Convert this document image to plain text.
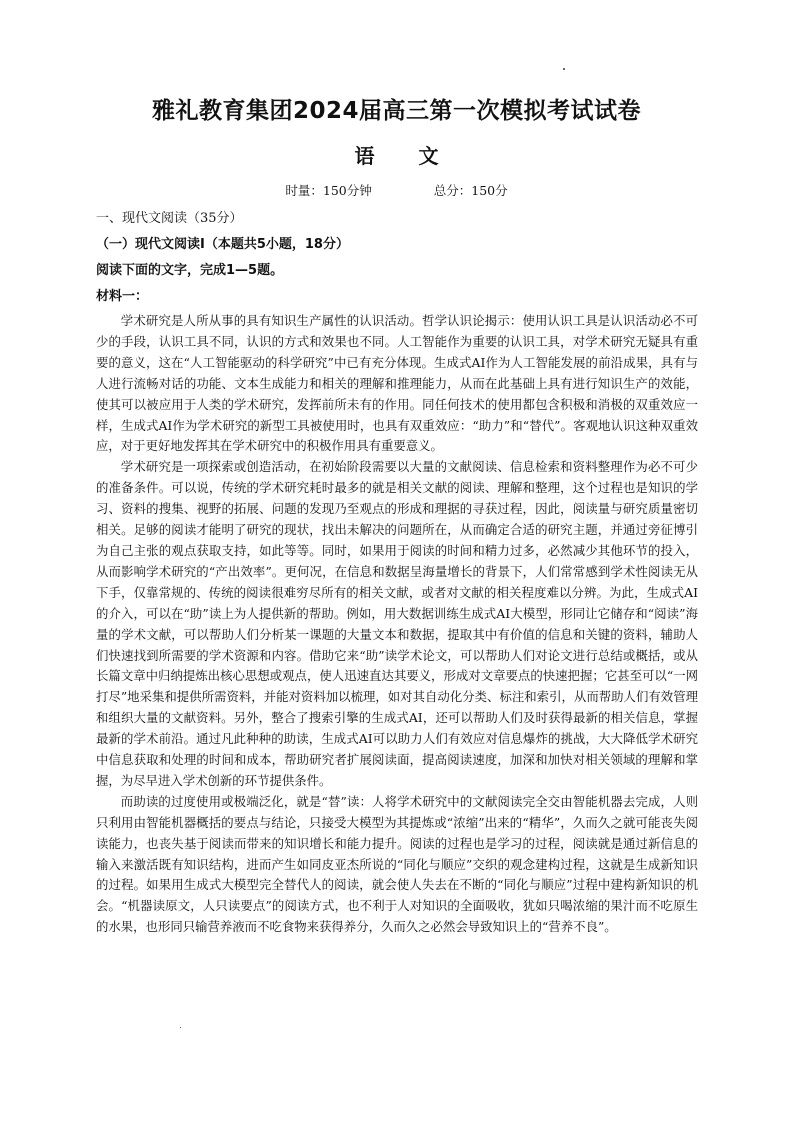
雅礼教育集团2024届高三第一次模拟考试试卷
语文
时量：150分钟	总分：150分
一、现代文阅读（35分）
（一）现代文阅读Ⅰ（本题共5小题，18分）
阅读下面的文字，完成1—5题。
材料一：

学术研究是人所从事的具有知识生产属性的认识活动。哲学认识论揭示：使用认识工具是认识活动必不可少的手段，认识工具不同，认识的方式和效果也不同。人工智能作为重要的认识工具，对学术研究无疑具有重要的意义，这在“人工智能驱动的科学研究”中已有充分体现。生成式AI作为人工智能发展的前沿成果，具有与人进行流畅对话的功能、文本生成能力和相关的理解和推理能力，从而在此基础上具有进行知识生产的效能，使其可以被应用于人类的学术研究，发挥前所未有的作用。同任何技术的使用都包含积极和消极的双重效应一样，生成式AI作为学术研究的新型工具被使用时，也具有双重效应：“助力”和“替代”。客观地认识这种双重效应，对于更好地发挥其在学术研究中的积极作用具有重要意义。

学术研究是一项探索或创造活动，在初始阶段需要以大量的文献阅读、信息检索和资料整理作为必不可少的准备条件。可以说，传统的学术研究耗时最多的就是相关文献的阅读、理解和整理，这个过程也是知识的学习、资料的搜集、视野的拓展、问题的发现乃至观点的形成和理据的寻获过程，因此，阅读量与研究质量密切相关。足够的阅读才能明了研究的现状，找出未解决的问题所在，从而确定合适的研究主题，并通过旁征博引为自己主张的观点获取支持，如此等等。同时，如果用于阅读的时间和精力过多，必然减少其他环节的投入，从而影响学术研究的“产出效率”。更何况，在信息和数据呈海量增长的背景下，人们常常感到学术性阅读无从下手，仅靠常规的、传统的阅读很难穷尽所有的相关文献，或者对文献的相关程度难以分辨。为此，生成式AI的介入，可以在“助”读上为人提供新的帮助。例如，用大数据训练生成式AI大模型，形同让它储存和“阅读”海量的学术文献，可以帮助人们分析某一课题的大量文本和数据，提取其中有价值的信息和关键的资料，辅助人们快速找到所需要的学术资源和内容。借助它来“助”读学术论文，可以帮助人们对论文进行总结或概括，或从长篇文章中归纳提炼出核心思想或观点，使人迅速直达其要义，形成对文章要点的快速把握；它甚至可以“一网打尽”地采集和提供所需资料，并能对资料加以梳理，如对其自动化分类、标注和索引，从而帮助人们有效管理和组织大量的文献资料。另外，整合了搜索引擎的生成式AI，还可以帮助人们及时获得最新的相关信息，掌握最新的学术前沿。通过凡此种种的助读，生成式AI可以助力人们有效应对信息爆炸的挑战，大大降低学术研究中信息获取和处理的时间和成本，帮助研究者扩展阅读面，提高阅读速度，加深和加快对相关领域的理解和掌握，为尽早进入学术创新的环节提供条件。

而助读的过度使用或极端泛化，就是“替”读：人将学术研究中的文献阅读完全交由智能机器去完成，人则只利用由智能机器概括的要点与结论，只接受大模型为其提炼或“浓缩”出来的“精华”，久而久之就可能丧失阅读能力，也丧失基于阅读而带来的知识增长和能力提升。阅读的过程也是学习的过程，阅读就是通过新信息的输入来激活既有知识结构，进而产生如同皮亚杰所说的“同化与顺应”交织的观念建构过程，这就是生成新知识的过程。如果用生成式大模型完全替代人的阅读，就会使人失去在不断的“同化与顺应”过程中建构新知识的机会。“机器读原文，人只读要点”的阅读方式，也不利于人对知识的全面吸收，犹如只喝浓缩的果汁而不吃原生的水果，也形同只输营养液而不吃食物来获得养分，久而久之必然会导致知识上的“营养不良”。
